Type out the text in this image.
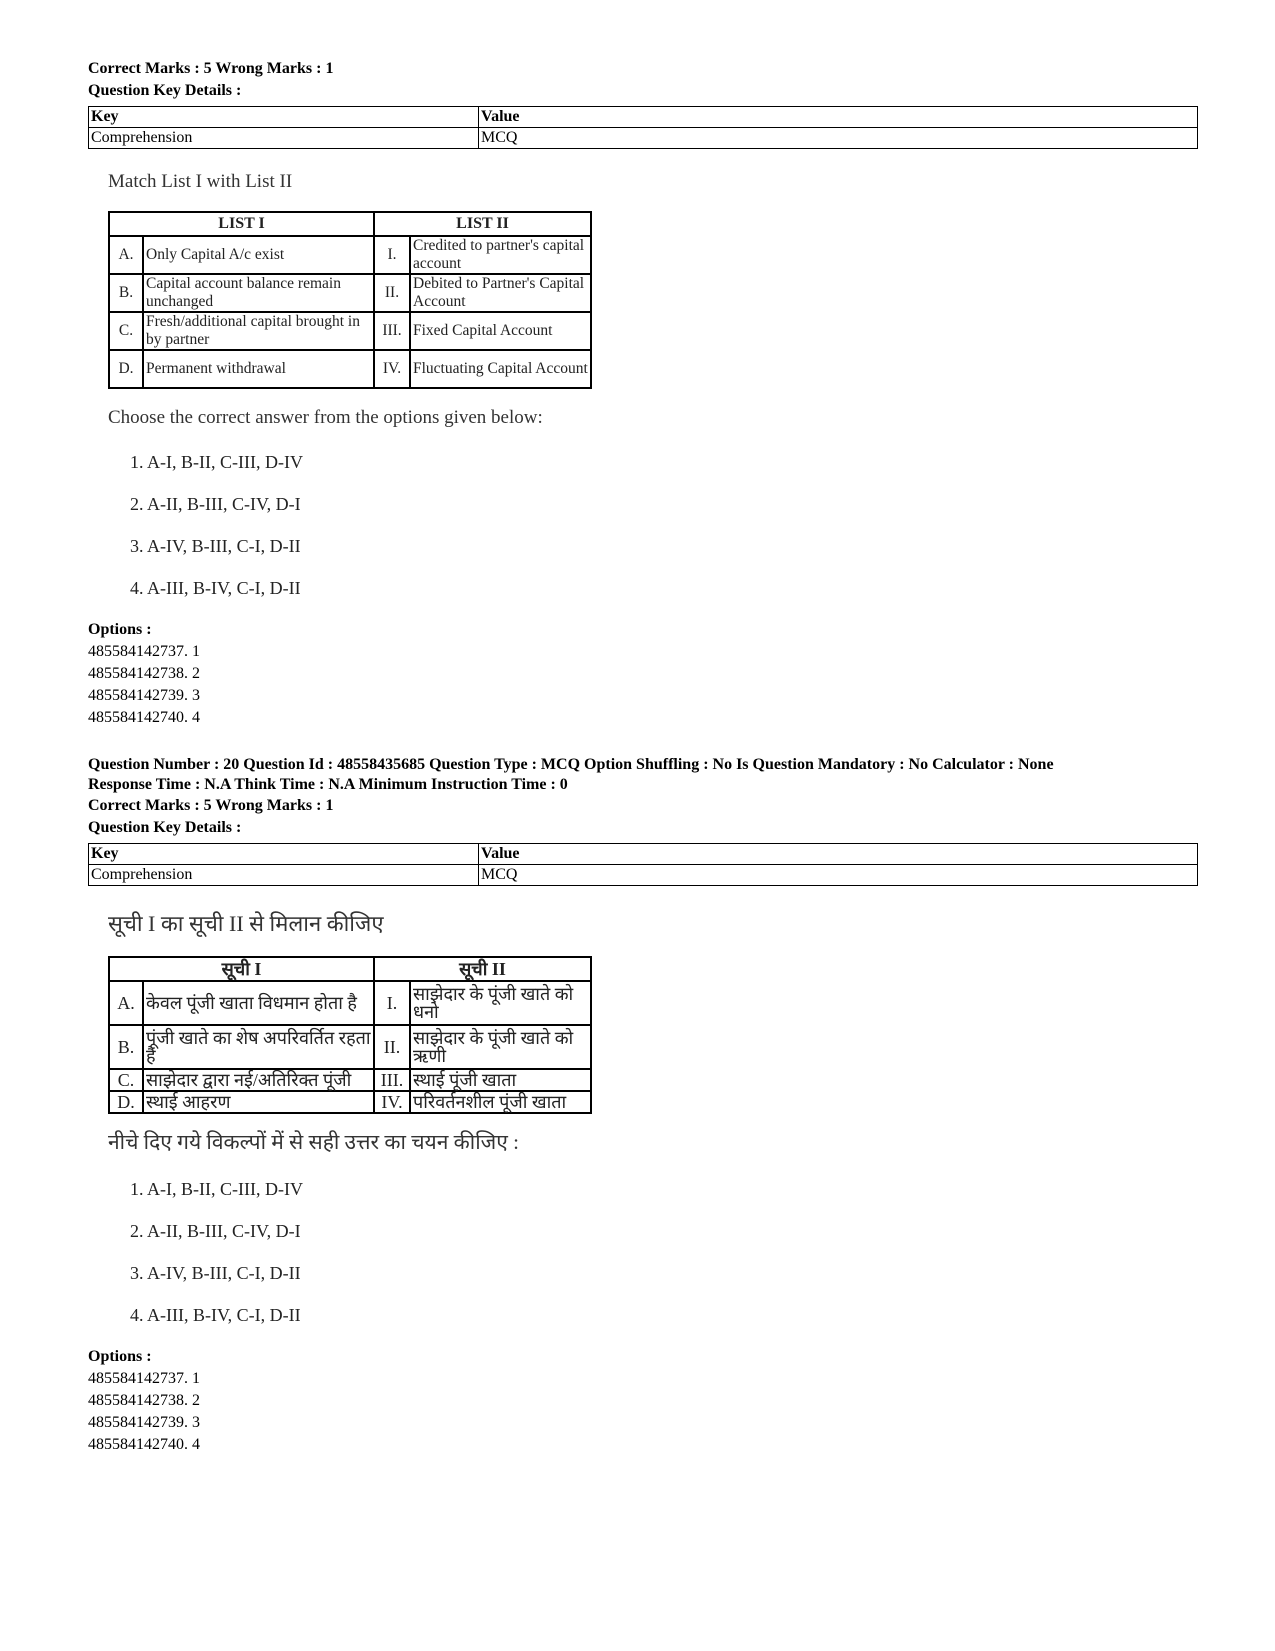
Correct Marks : 5 Wrong Marks : 1
Question Key Details :
Key	Value
Comprehension	MCQ
Match List I with List II
LIST I		LIST II	
A.	Only Capital A/c exist	I.	Credited to partner's capital account
B.	Capital account balance remain unchanged	II.	Debited to Partner's Capital Account
C.	Fresh/additional capital brought in by partner	III.	Fixed Capital Account
D.	Permanent withdrawal	IV.	Fluctuating Capital Account
Choose the correct answer from the options given below:
1. A-I, B-II, C-III, D-IV
2. A-II, B-III, C-IV, D-I
3. A-IV, B-III, C-I, D-II
4. A-III, B-IV, C-I, D-II
Options :
485584142737. 1
485584142738. 2
485584142739. 3
485584142740. 4
Question Number : 20 Question Id : 48558435685 Question Type : MCQ Option Shuffling : No Is Question Mandatory : No Calculator : None
Response Time : N.A Think Time : N.A Minimum Instruction Time : 0
Correct Marks : 5 Wrong Marks : 1
Question Key Details :
Key	Value
Comprehension	MCQ
सूची I का सूची II से मिलान कीजिए
सूची I		सूची II	
A.	केवल पूंजी खाता विधमान होता है	I.	साझेदार के पूंजी खाते को धनो
B.	पूंजी खाते का शेष अपरिवर्तित रहता है	II.	साझेदार के पूंजी खाते को ऋणी
C.	साझेदार द्वारा नई/अतिरिक्त पूंजी	III.	स्थाई पूंजी खाता
D.	स्थाई आहरण	IV.	परिवर्तनशील पूंजी खाता
नीचे दिए गये विकल्पों में से सही उत्तर का चयन कीजिए :
1. A-I, B-II, C-III, D-IV
2. A-II, B-III, C-IV, D-I
3. A-IV, B-III, C-I, D-II
4. A-III, B-IV, C-I, D-II
Options :
485584142737. 1
485584142738. 2
485584142739. 3
485584142740. 4
